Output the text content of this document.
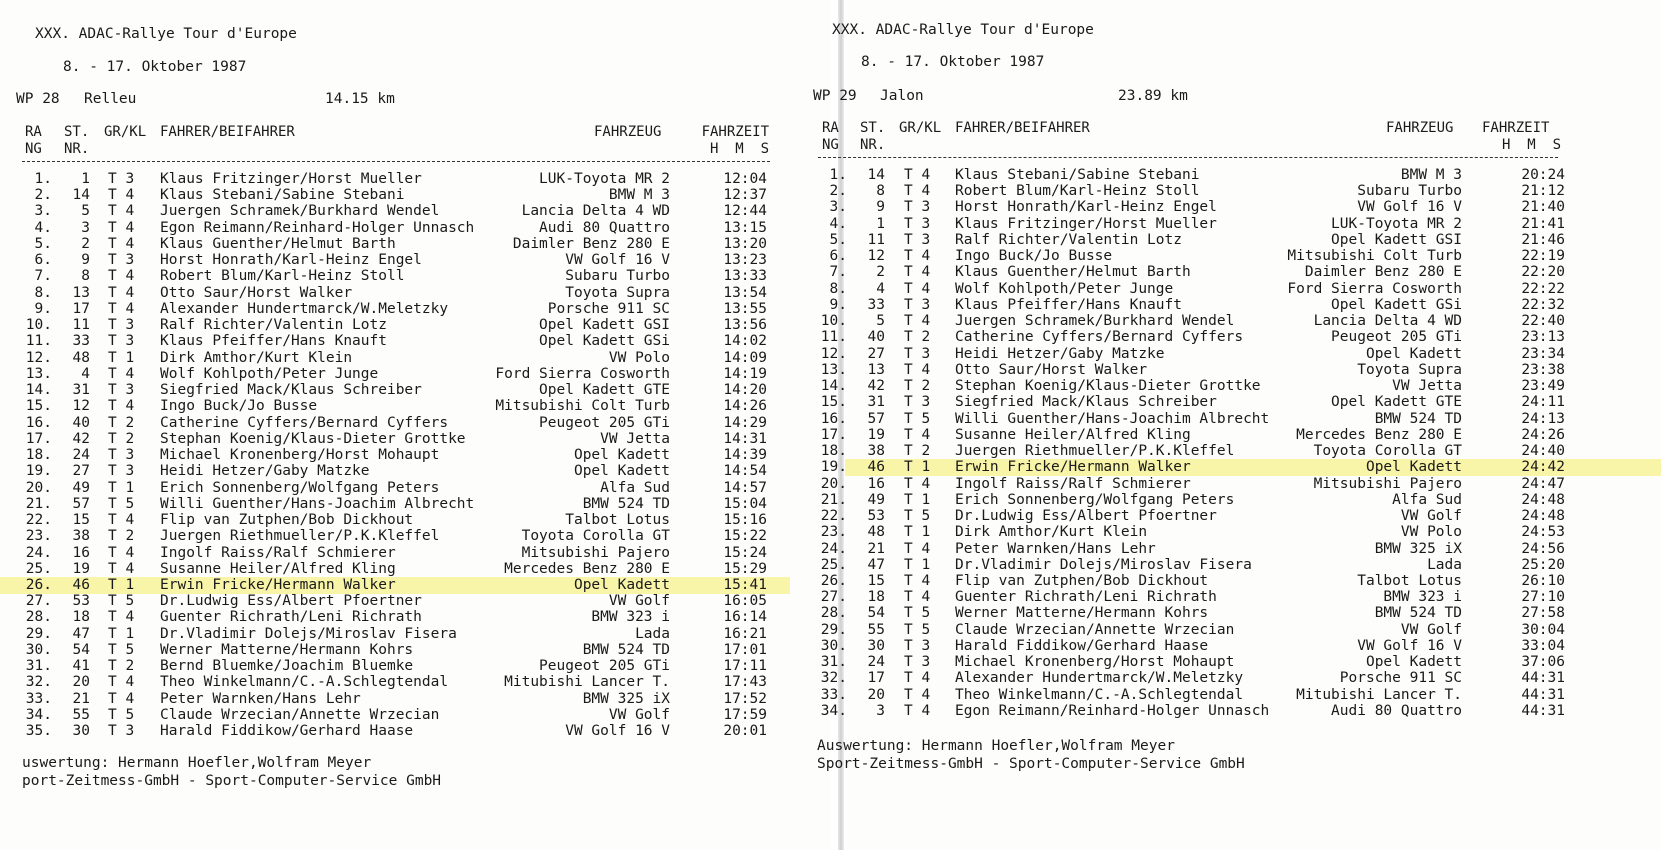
XXX. ADAC-Rallye Tour d'Europe
8. - 17. Oktober 1987
WP 28 Relleu	14.15 km
RA
NG
ST.
NR.
GR/KL FAHRER/BEIFAHRER	FAHRZEUG	FAHRZEIT
H  M  S
1.	1 T 3	Klaus Fritzinger/Horst Mueller	LUK-Toyota MR 2	12:04
2.	14 T 4	Klaus Stebani/Sabine Stebani	BMW M 3	12:37
3.	5 T 4	Juergen Schramek/Burkhard Wendel	Lancia Delta 4 WD	12:44
4.	3 T 4	Egon Reimann/Reinhard-Holger Unnasch	Audi 80 Quattro	13:15
5.	2 T 4	Klaus Guenther/Helmut Barth	Daimler Benz 280 E	13:20
6.	9 T 3	Horst Honrath/Karl-Heinz Engel	VW Golf 16 V	13:23
7.	8 T 4	Robert Blum/Karl-Heinz Stoll	Subaru Turbo	13:33
8.	13 T 4	Otto Saur/Horst Walker	Toyota Supra	13:54
9.	17 T 4	Alexander Hundertmarck/W.Meletzky	Porsche 911 SC	13:55
10.	11 T 3	Ralf Richter/Valentin Lotz	Opel Kadett GSI	13:56
11.	33 T 3	Klaus Pfeiffer/Hans Knauft	Opel Kadett GSi	14:02
12.	48 T 1	Dirk Amthor/Kurt Klein	VW Polo	14:09
13.	4 T 4	Wolf Kohlpoth/Peter Junge	Ford Sierra Cosworth	14:19
14.	31 T 3	Siegfried Mack/Klaus Schreiber	Opel Kadett GTE	14:20
15.	12 T 4	Ingo Buck/Jo Busse	Mitsubishi Colt Turb	14:26
16.	40 T 2	Catherine Cyffers/Bernard Cyffers	Peugeot 205 GTi	14:29
17.	42 T 2	Stephan Koenig/Klaus-Dieter Grottke	VW Jetta	14:31
18.	24 T 3	Michael Kronenberg/Horst Mohaupt	Opel Kadett	14:39
19.	27 T 3	Heidi Hetzer/Gaby Matzke	Opel Kadett	14:54
20.	49 T 1	Erich Sonnenberg/Wolfgang Peters	Alfa Sud	14:57
21.	57 T 5	Willi Guenther/Hans-Joachim Albrecht	BMW 524 TD	15:04
22.	15 T 4	Flip van Zutphen/Bob Dickhout	Talbot Lotus	15:16
23.	38 T 2	Juergen Riethmueller/P.K.Kleffel	Toyota Corolla GT	15:22
24.	16 T 4	Ingolf Raiss/Ralf Schmierer	Mitsubishi Pajero	15:24
25.	19 T 4	Susanne Heiler/Alfred Kling	Mercedes Benz 280 E	15:29
26.	46 T 1	Erwin Fricke/Hermann Walker	Opel Kadett	15:41
27.	53 T 5	Dr.Ludwig Ess/Albert Pfoertner	VW Golf	16:05
28.	18 T 4	Guenter Richrath/Leni Richrath	BMW 323 i	16:14
29.	47 T 1	Dr.Vladimir Dolejs/Miroslav Fisera	Lada	16:21
30.	54 T 5	Werner Matterne/Hermann Kohrs	BMW 524 TD	17:01
31.	41 T 2	Bernd Bluemke/Joachim Bluemke	Peugeot 205 GTi	17:11
32.	20 T 4	Theo Winkelmann/C.-A.Schlegtendal	Mitubishi Lancer T.	17:43
33.	21 T 4	Peter Warnken/Hans Lehr	BMW 325 iX	17:52
34.	55 T 5	Claude Wrzecian/Annette Wrzecian	VW Golf	17:59
35.	30 T 3	Harald Fiddikow/Gerhard Haase	VW Golf 16 V	20:01
uswertung: Hermann Hoefler,Wolfram Meyer
port-Zeitmess-GmbH - Sport-Computer-Service GmbH
XXX. ADAC-Rallye Tour d'Europe
8. - 17. Oktober 1987
WP 29 Jalon	23.89 km
RA
NG
ST.
NR.
GR/KL FAHRER/BEIFAHRER	FAHRZEUG FAHRZEIT
H  M  S
1.	14 T 4	Klaus Stebani/Sabine Stebani	BMW M 3	20:24
2.	8 T 4	Robert Blum/Karl-Heinz Stoll	Subaru Turbo	21:12
3.	9 T 3	Horst Honrath/Karl-Heinz Engel	VW Golf 16 V	21:40
4.	1 T 3	Klaus Fritzinger/Horst Mueller	LUK-Toyota MR 2	21:41
5.	11 T 3	Ralf Richter/Valentin Lotz	Opel Kadett GSI	21:46
6.	12 T 4	Ingo Buck/Jo Busse	Mitsubishi Colt Turb	22:19
7.	2 T 4	Klaus Guenther/Helmut Barth	Daimler Benz 280 E	22:20
8.	4 T 4	Wolf Kohlpoth/Peter Junge	Ford Sierra Cosworth	22:22
9.	33 T 3	Klaus Pfeiffer/Hans Knauft	Opel Kadett GSi	22:32
10.	5 T 4	Juergen Schramek/Burkhard Wendel	Lancia Delta 4 WD	22:40
11.	40 T 2	Catherine Cyffers/Bernard Cyffers	Peugeot 205 GTi	23:13
12.	27 T 3	Heidi Hetzer/Gaby Matzke	Opel Kadett	23:34
13.	13 T 4	Otto Saur/Horst Walker	Toyota Supra	23:38
14.	42 T 2	Stephan Koenig/Klaus-Dieter Grottke	VW Jetta	23:49
15.	31 T 3	Siegfried Mack/Klaus Schreiber	Opel Kadett GTE	24:11
16.	57 T 5	Willi Guenther/Hans-Joachim Albrecht	BMW 524 TD	24:13
17.	19 T 4	Susanne Heiler/Alfred Kling	Mercedes Benz 280 E	24:26
18.	38 T 2	Juergen Riethmueller/P.K.Kleffel	Toyota Corolla GT	24:40
19.	46 T 1	Erwin Fricke/Hermann Walker	Opel Kadett	24:42
20.	16 T 4	Ingolf Raiss/Ralf Schmierer	Mitsubishi Pajero	24:47
21.	49 T 1	Erich Sonnenberg/Wolfgang Peters	Alfa Sud	24:48
22.	53 T 5	Dr.Ludwig Ess/Albert Pfoertner	VW Golf	24:48
23.	48 T 1	Dirk Amthor/Kurt Klein	VW Polo	24:53
24.	21 T 4	Peter Warnken/Hans Lehr	BMW 325 iX	24:56
25.	47 T 1	Dr.Vladimir Dolejs/Miroslav Fisera	Lada	25:20
26.	15 T 4	Flip van Zutphen/Bob Dickhout	Talbot Lotus	26:10
27.	18 T 4	Guenter Richrath/Leni Richrath	BMW 323 i	27:10
28.	54 T 5	Werner Matterne/Hermann Kohrs	BMW 524 TD	27:58
29.	55 T 5	Claude Wrzecian/Annette Wrzecian	VW Golf	30:04
30.	30 T 3	Harald Fiddikow/Gerhard Haase	VW Golf 16 V	33:04
31.	24 T 3	Michael Kronenberg/Horst Mohaupt	Opel Kadett	37:06
32.	17 T 4	Alexander Hundertmarck/W.Meletzky	Porsche 911 SC	44:31
33.	20 T 4	Theo Winkelmann/C.-A.Schlegtendal	Mitubishi Lancer T.	44:31
34.	3 T 4	Egon Reimann/Reinhard-Holger Unnasch	Audi 80 Quattro	44:31
Auswertung: Hermann Hoefler,Wolfram Meyer
Sport-Zeitmess-GmbH - Sport-Computer-Service GmbH
